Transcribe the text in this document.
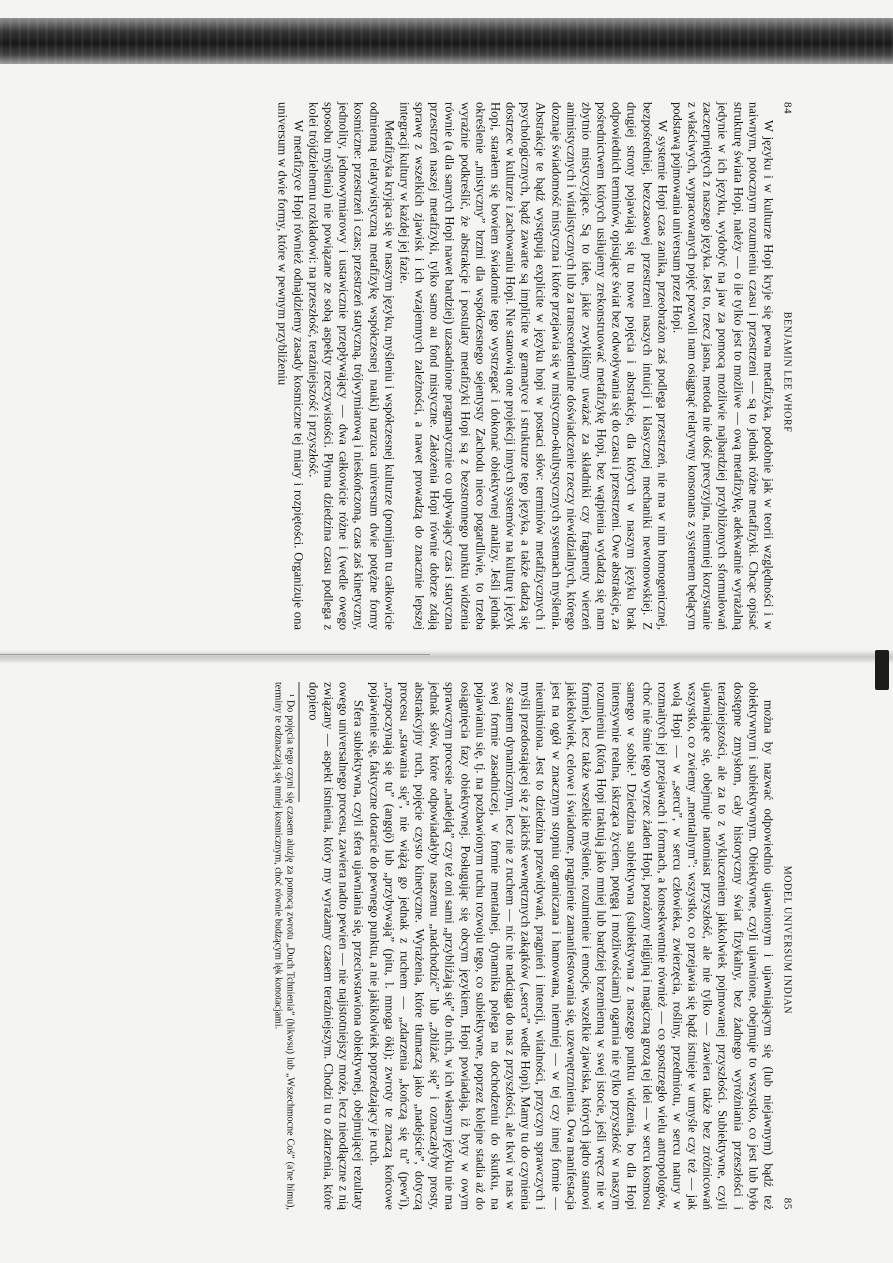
84
BENJAMIN LEE WHORF

W języku i w kulturze Hopi kryje się pewna metafizyka, podobnie jak w teorii względności i w naiwnym, potocznym rozumieniu czasu i przestrzeni — są to jednak różne metafizyki. Chcąc opisać strukturę świata Hopi, należy — o ile tylko jest to możliwe — ową metafizykę, adekwatnie wyrażalną jedynie w ich języku, wydobyć na jaw za pomocą możliwie najbardziej przybliżonych sformułowań zaczerpniętych z naszego języka. Jest to, rzecz jasna, metoda nie dość precyzyjna, niemniej korzystanie z właściwych, wypracowanych pojęć pozwoli nam osiągnąć relatywny konsonans z systemem będącym podstawą pojmowania universum przez Hopi.

W systemie Hopi czas zanika, przeobrażon zaś podlega przestrzeń, nie ma w nim homogenicznej, bezpośredniej, bezczasowej przestrzeni naszych intuicji i klasycznej mechaniki newtonowskiej. Z drugiej strony pojawiają się tu nowe pojęcia i abstrakcje, dla których w naszym języku brak odpowiednich terminów, opisujące świat bez odwoływania się do czasu i przestrzeni. Owe abstrakcje, za pośrednictwem których usiłujemy zrekonstruować metafizykę Hopi, bez wątpienia wydadzą się nam zbytnio mistyczyjące. Są to idee, jakie zwykliśmy uważać za składniki czy fragmenty wierzeń animistycznych i witalistycznych lub za transcendentalne doświadczenie rzeczy niewidzialnych, którego doznaje świadomość mistyczna i które przejawia się w mistyczno-okultystycznych systemach myślenia. Abstrakcje te bądź występują explicite w języku hopi w postaci słów: terminów metafizycznych i psychologicznych, bądź zawarte są implicite w gramatyce i strukturze tego języka, a także dadzą się dostrzec w kulturze i zachowaniu Hopi. Nie stanowią one projekcji innych systemów na kulturę i język Hopi, starałem się bowiem świadomie tego wystrzegać i dokonać obiektywnej analizy. Jeśli jednak określenie „mistyczny” brzmi dla współczesnego sejentysty Zachodu nieco pogardliwie, to trzeba wyraźnie podkreślić, że abstrakcje i postulaty metafizyki Hopi są z bezstronnego punktu widzenia równie (a dla samych Hopi nawet bardziej) uzasadnione pragmatycznie co upływający czas i statyczna przestrzeń naszej metafizyki, tylko samo au fond mistyczne. Założenia Hopi równie dobrze zdają sprawę z wszelkich zjawisk i ich wzajemnych zależności, a nawet prowadzą do znacznie lepszej integracji kultury w każdej jej fazie.

Metafizyka kryjąca się w naszym języku, myśleniu i współczesnej kulturze (pomijam tu całkowicie odmienną relatywistyczną metafizykę współczesnej nauki) narzuca universum dwie potężne formy kosmiczne: przestrzeń i czas; przestrzeń statyczną, trójwymiarową i nieskończoną, czas zaś kinetyczny, jednolity, jednowymiarowy i ustawicznie przepływający — dwa całkowicie różne i (wedle owego sposobu myślenia) nie powiązane ze sobą aspekty rzeczywistości. Płynna dziedzina czasu podlega z kolei trójdzielnemu rozkładowi: na przeszłość, teraźniejszość i przyszłość.

W metafizyce Hopi również odnajdziemy zasady kosmiczne tej miary i rozpiętości. Organizuje ona universum w dwie formy, które w pewnym przybliżeniu

MODEL UNIVERSUM INDIAN
85

można by nazwać odpowiednio ujawnionym i ujawniającym się (lub niejawnym) bądź też obiektywnym i subiektywnym. Obiektywne, czyli ujawnione, obejmuje to wszystko, co jest lub było dostępne zmysłom, cały historyczny świat fizykalny, bez żadnego wyróżniania przeszłości i teraźniejszości, ale za to z wykluczeniem jakkolwiek pojmowanej przyszłości. Subiektywne, czyli ujawniające się, obejmuje natomiast przyszłość, ale nie tylko — zawiera także bez zróżnicowań wszystko, co zwiemy „mentalnym”: wszystko, co przejawia się bądź istnieje w umyśle czy też — jak wolą Hopi — w „sercu”, w sercu człowieka, zwierzęcia, rośliny, przedmiotu, w sercu natury w rozmaitych jej przejawach i formach, a konsekwentnie również — co spostrzegło wielu antropologów, choć nie śmie tego wyrzec żaden Hopi, porażony religijną i magiczną grozą tej idei — w sercu kosmosu samego w sobie.¹ Dziedzina subiektywna (subiektywna z naszego punktu widzenia, bo dla Hopi intensywnie realna, iskrząca życiem, potęgą i możliwościami) ogarnia nie tylko przyszłość w naszym rozumieniu (którą Hopi traktują jako mniej lub bardziej brzemienną w swej istocie, jeśli wręcz nie w formie), lecz także wszelkie myślenie, rozumienie i emocje, wszelkie zjawiska, których jądro stanowi jakiekolwiek, celowe i świadome, pragnienie zamanifestowania się, uzewnętrznienia. Owa manifestacja jest na ogół w znacznym stopniu ograniczana i hamowana, niemniej — w tej czy innej formie — nieunikniona. Jest to dziedzina przewidywań, pragnień i intencji, witalności, przyczyn sprawczych i myśli przedostającej się z jakichś wewnętrznych zakątków („serca” wedle Hopi). Mamy tu do czynienia ze stanem dynamicznym, lecz nie z ruchem — nic nie nadciąga do nas z przyszłości, ale tkwi w nas w swej formie zasadniczej, w formie mentalnej, dynamika polega na dochodzeniu do skutku, na pojawianiu się, tj. na pozbawionym ruchu rozwoju tego, co subiektywne, poprzez kolejne stadia aż do osiągnięcia fazy obiektywnej. Posługując się obcym językiem, Hopi powiadają, iż byty w owym sprawczym procesie „nadejdą” czy też oni sami „przybliżają się” do nich, w ich własnym języku nie ma jednak słów, które odpowiadałyby naszemu „nadchodzić” lub „zbliżać się” i oznaczałyby prosty, abstrakcyjny ruch, pojęcie czysto kinetyczne. Wyrażenia, które tłumaczą jako „nadejście”, dotyczą procesu „stawania się”, nie wiążą go jednak z ruchem — „zdarzenia „kończą się tu” (pew'i), „rozpoczynają się tu” (angqö) lub „przybywają” (pitu, l. mnoga öki); zwroty te znaczą końcowe pojawienie się, faktyczne dotarcie do pewnego punktu, a nie jakikolwiek poprzedzający je ruch.

Sfera subiektywna, czyli sfera ujawniania się, przeciwstawiona obiektywnej, obejmującej rezultaty owego universalnego procesu, zawiera nadto pewien — nie najistotniejszy może, lecz nieodłączne z nią związany — aspekt istnienia, który my wyrażamy czasem teraźniejszym. Chodzi tu o zdarzenia, które dopiero

¹ Do pojęcia tego czyni się czasem aluzję za pomocą zwrotu „Duch Tchnienia” (hikwsu) lub „Wszechmocne Coś” (a'ne himu), terminy te odznaczają się mniej kosmicznym, choć równie budzącym lęk konotacjami.
